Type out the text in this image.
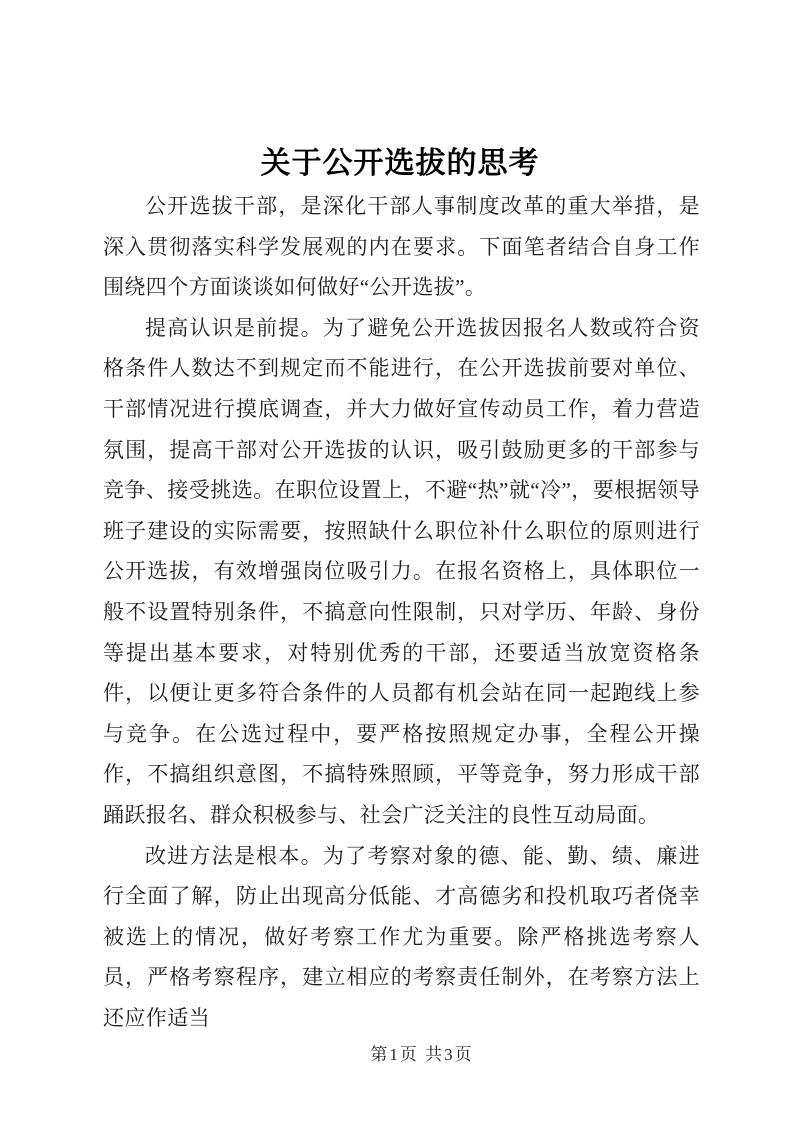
关于公开选拔的思考

公开选拔干部，是深化干部人事制度改革的重大举措，是深入贯彻落实科学发展观的内在要求。下面笔者结合自身工作围绕四个方面谈谈如何做好“公开选拔”。

提高认识是前提。为了避免公开选拔因报名人数或符合资格条件人数达不到规定而不能进行，在公开选拔前要对单位、干部情况进行摸底调查，并大力做好宣传动员工作，着力营造氛围，提高干部对公开选拔的认识，吸引鼓励更多的干部参与竞争、接受挑选。在职位设置上，不避“热”就“冷”，要根据领导班子建设的实际需要，按照缺什么职位补什么职位的原则进行公开选拔，有效增强岗位吸引力。在报名资格上，具体职位一般不设置特别条件，不搞意向性限制，只对学历、年龄、身份等提出基本要求，对特别优秀的干部，还要适当放宽资格条件，以便让更多符合条件的人员都有机会站在同一起跑线上参与竞争。在公选过程中，要严格按照规定办事，全程公开操作，不搞组织意图，不搞特殊照顾，平等竞争，努力形成干部踊跃报名、群众积极参与、社会广泛关注的良性互动局面。

改进方法是根本。为了考察对象的德、能、勤、绩、廉进行全面了解，防止出现高分低能、才高德劣和投机取巧者侥幸被选上的情况，做好考察工作尤为重要。除严格挑选考察人员，严格考察程序，建立相应的考察责任制外，在考察方法上还应作适当

第1页 共3页
